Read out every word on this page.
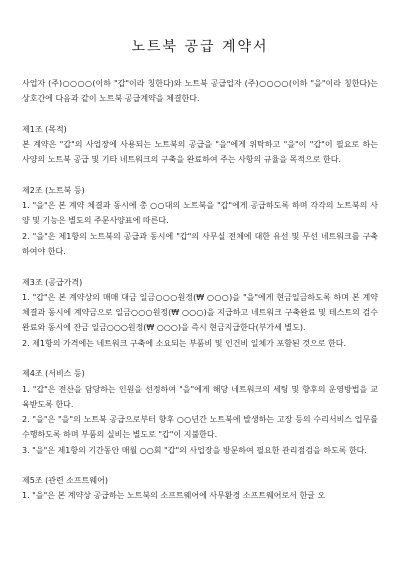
노트북 공급 계약서

사업자 (주)○○○○(이하 "갑"이라 칭한다)와 노트북 공급업자 (주)○○○○(이하 "을"이라 칭한다)는 상호간에 다음과 같이 노트북 공급계약을 체결한다.

제1조 (목적)

본 계약은 "갑"의 사업장에 사용되는 노트북의 공급을 "을"에게 위탁하고 "을"이 "갑"이 필요로 하는 사양의 노트북 공급 및 기타 네트워크의 구축을 완료하여 주는 사항의 규율을 목적으로 한다.

제2조 (노트북 등)

1. "을"은 본 계약 체결과 동시에 총 ○○대의 노트북을 "갑"에게 공급하도록 하며 각각의 노트북의 사양 및 기능은 별도의 주문사양표에 따른다.

2. "을"은 제1항의 노트북의 공급과 동시에 "갑"의 사무실 전체에 대한 유선 및 무선 네트워크를 구축하여야 한다.

제3조 (공급가격)

1. "갑"은 본 계약상의 매매 대금 일금○○○원정(₩ ○○○)을 "을"에게 현금일금하도록 하며 본 계약 체결과 동시에 계약금으로 일금○○○원정(₩ ○○○)을 지급하고 네트워크 구축완료 및 테스트의 검수완료와 동시에 잔금 일금○○○원정(₩ ○○○)을 즉시 현금지급한다(부가세 별도).

2. 제1항의 가격에는 네트워크 구축에 소요되는 부품비 및 인건비 일체가 포함된 것으로 한다.

제4조 (서비스 등)

1. "갑"은 전산을 담당하는 인원을 선정하여 "을"에게 해당 네트워크의 세팅 및 향후의 운영방법을 교육받도록 한다.

2. "을"은 "을"의 노트북 공급으로부터 향후 ○○년간 노트북에 발생하는 고장 등의 수리서비스 업무를 수행하도록 하며 부품의 실비는 별도로 "갑"이 지불한다.

3. "을"은 제1항의 기간동안 매월 ○○회 "갑"의 사업장을 방문하여 필요한 관리점검을 하도록 한다.

제5조 (관련 소프트웨어)

1. "을"은 본 계약상 공급하는 노트북의 소프트웨어에 사무환경 소프트웨어로서 한글 오
